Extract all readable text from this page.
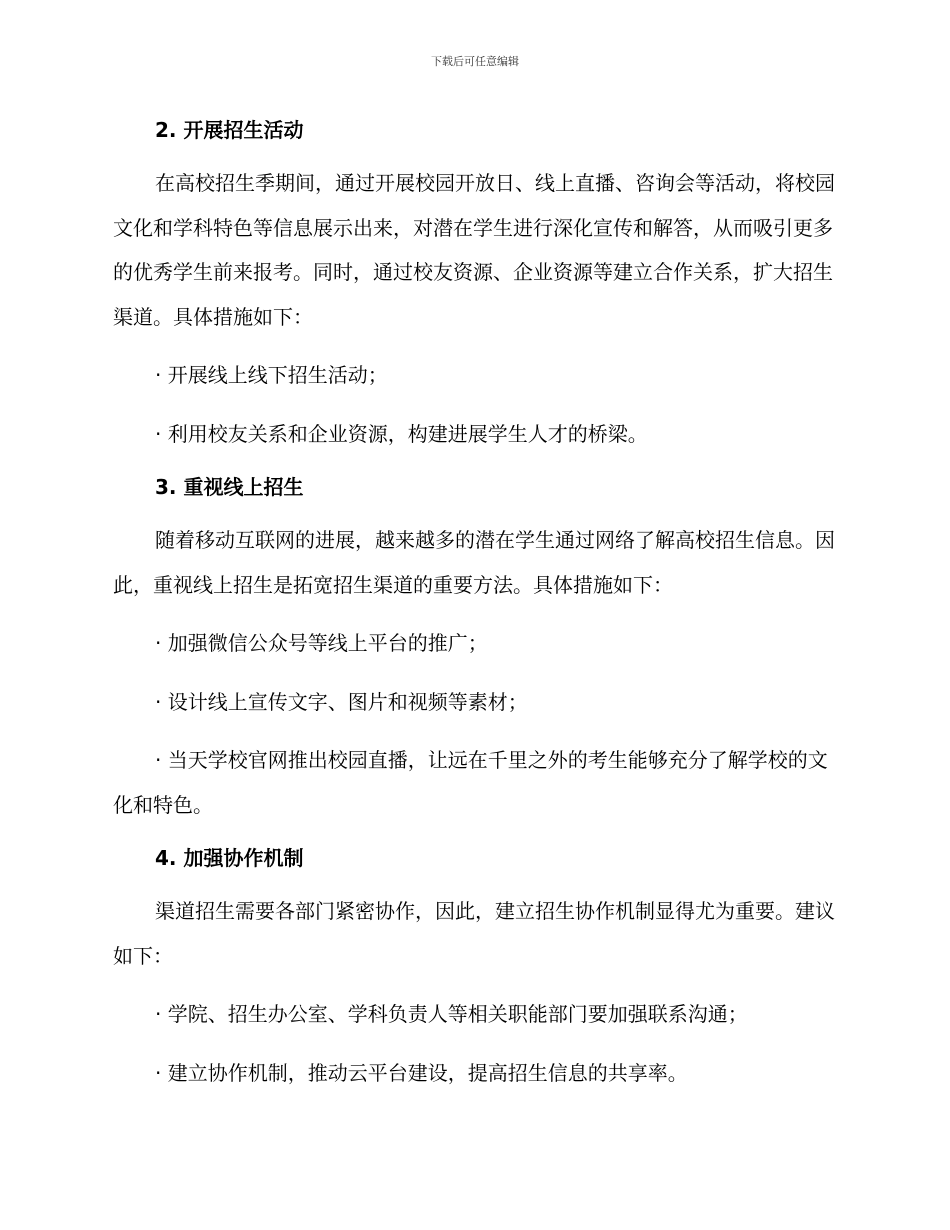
下载后可任意编辑

2. 开展招生活动

在高校招生季期间，通过开展校园开放日、线上直播、咨询会等活动，将校园文化和学科特色等信息展示出来，对潜在学生进行深化宣传和解答，从而吸引更多的优秀学生前来报考。同时，通过校友资源、企业资源等建立合作关系，扩大招生渠道。具体措施如下：

· 开展线上线下招生活动；

· 利用校友关系和企业资源，构建进展学生人才的桥梁。

3. 重视线上招生

随着移动互联网的进展，越来越多的潜在学生通过网络了解高校招生信息。因此，重视线上招生是拓宽招生渠道的重要方法。具体措施如下：

· 加强微信公众号等线上平台的推广；

· 设计线上宣传文字、图片和视频等素材；

· 当天学校官网推出校园直播，让远在千里之外的考生能够充分了解学校的文化和特色。

4. 加强协作机制

渠道招生需要各部门紧密协作，因此，建立招生协作机制显得尤为重要。建议如下：

· 学院、招生办公室、学科负责人等相关职能部门要加强联系沟通；

· 建立协作机制，推动云平台建设，提高招生信息的共享率。
